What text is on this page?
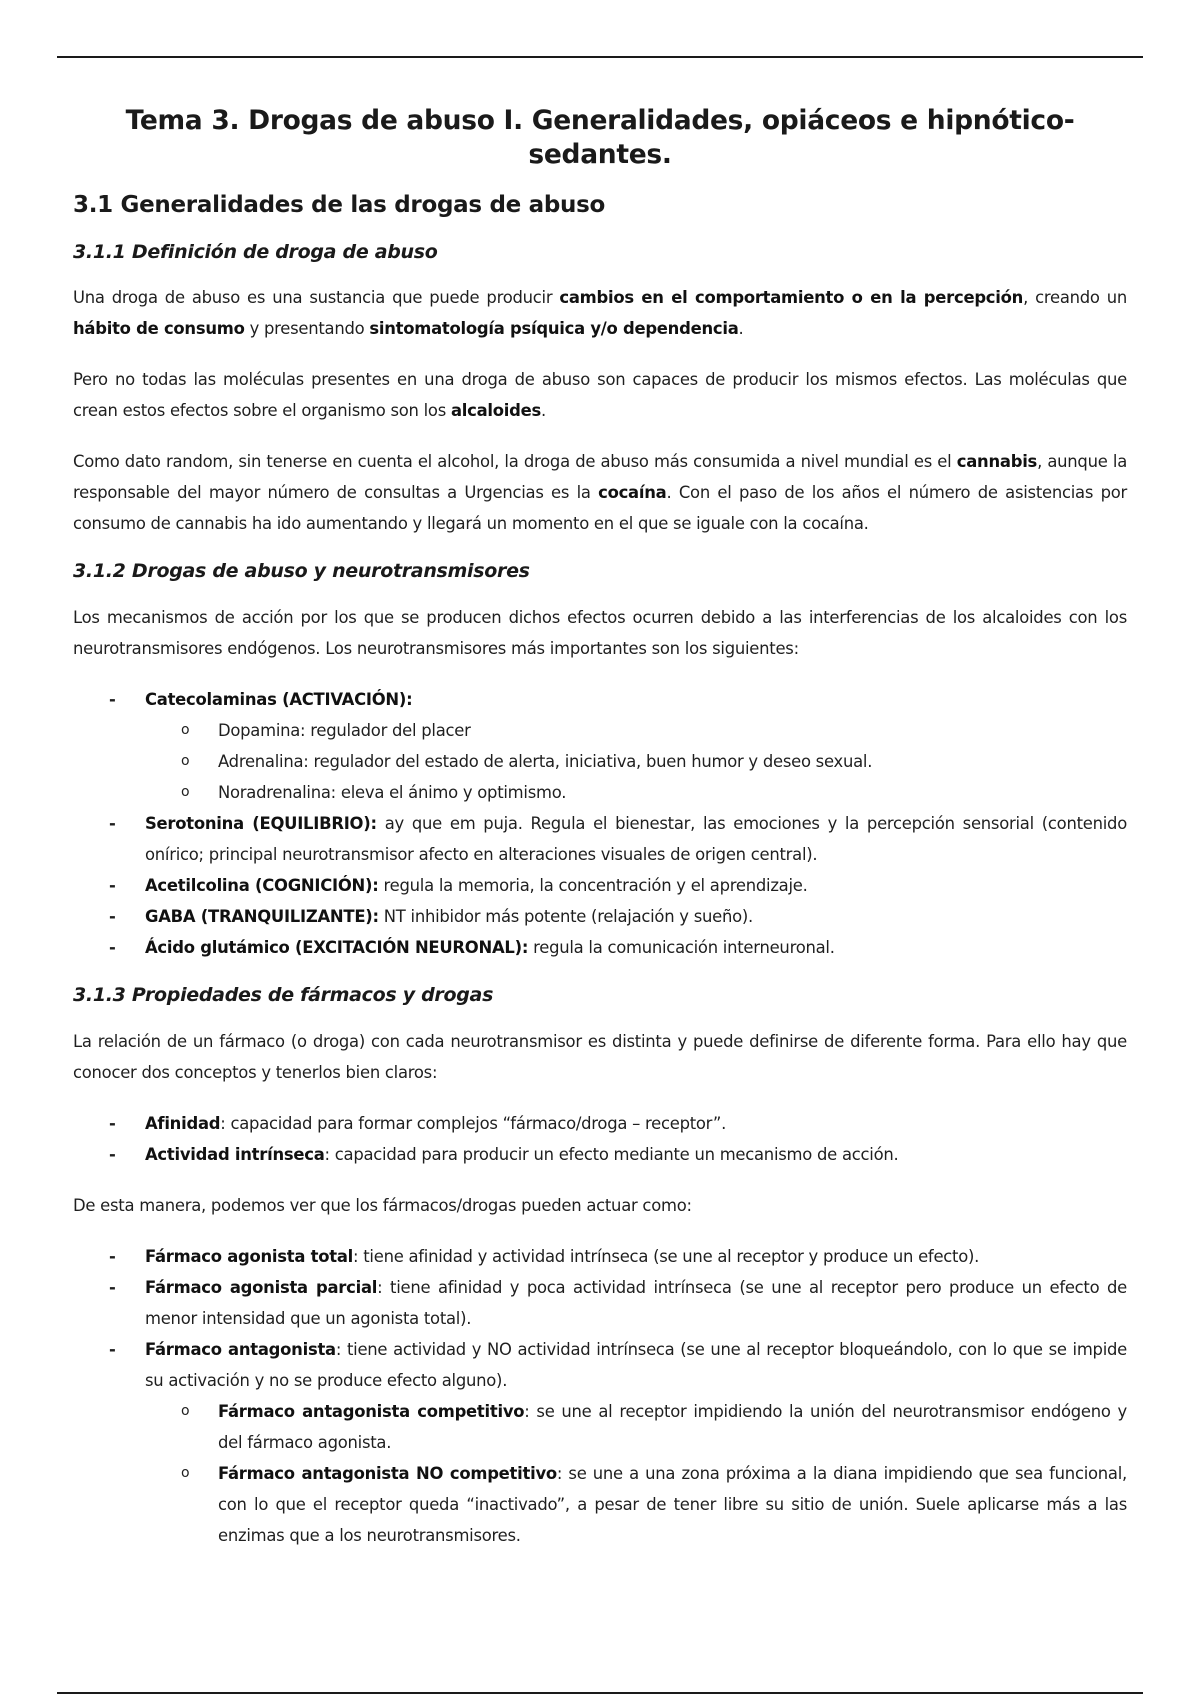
Tema 3. Drogas de abuso I. Generalidades, opiáceos e hipnótico-sedantes.
3.1 Generalidades de las drogas de abuso
3.1.1 Definición de droga de abuso

Una droga de abuso es una sustancia que puede producir cambios en el comportamiento o en la percepción, creando un hábito de consumo y presentando sintomatología psíquica y/o dependencia.

Pero no todas las moléculas presentes en una droga de abuso son capaces de producir los mismos efectos. Las moléculas que crean estos efectos sobre el organismo son los alcaloides.

Como dato random, sin tenerse en cuenta el alcohol, la droga de abuso más consumida a nivel mundial es el cannabis, aunque la responsable del mayor número de consultas a Urgencias es la cocaína. Con el paso de los años el número de asistencias por consumo de cannabis ha ido aumentando y llegará un momento en el que se iguale con la cocaína.

3.1.2 Drogas de abuso y neurotransmisores

Los mecanismos de acción por los que se producen dichos efectos ocurren debido a las interferencias de los alcaloides con los neurotransmisores endógenos. Los neurotransmisores más importantes son los siguientes:

- Catecolaminas (ACTIVACIÓN):
o Dopamina: regulador del placer
o Adrenalina: regulador del estado de alerta, iniciativa, buen humor y deseo sexual.
o Noradrenalina: eleva el ánimo y optimismo.
- Serotonina (EQUILIBRIO): ay que em puja. Regula el bienestar, las emociones y la percepción sensorial (contenido onírico; principal neurotransmisor afecto en alteraciones visuales de origen central).
- Acetilcolina (COGNICIÓN): regula la memoria, la concentración y el aprendizaje.
- GABA (TRANQUILIZANTE): NT inhibidor más potente (relajación y sueño).
- Ácido glutámico (EXCITACIÓN NEURONAL): regula la comunicación interneuronal.
3.1.3 Propiedades de fármacos y drogas

La relación de un fármaco (o droga) con cada neurotransmisor es distinta y puede definirse de diferente forma. Para ello hay que conocer dos conceptos y tenerlos bien claros:

- Afinidad: capacidad para formar complejos “fármaco/droga – receptor”.
- Actividad intrínseca: capacidad para producir un efecto mediante un mecanismo de acción.

De esta manera, podemos ver que los fármacos/drogas pueden actuar como:

- Fármaco agonista total: tiene afinidad y actividad intrínseca (se une al receptor y produce un efecto).
- Fármaco agonista parcial: tiene afinidad y poca actividad intrínseca (se une al receptor pero produce un efecto de menor intensidad que un agonista total).
- Fármaco antagonista: tiene actividad y NO actividad intrínseca (se une al receptor bloqueándolo, con lo que se impide su activación y no se produce efecto alguno).
o Fármaco antagonista competitivo: se une al receptor impidiendo la unión del neurotransmisor endógeno y del fármaco agonista.
o Fármaco antagonista NO competitivo: se une a una zona próxima a la diana impidiendo que sea funcional, con lo que el receptor queda “inactivado”, a pesar de tener libre su sitio de unión. Suele aplicarse más a las enzimas que a los neurotransmisores.
